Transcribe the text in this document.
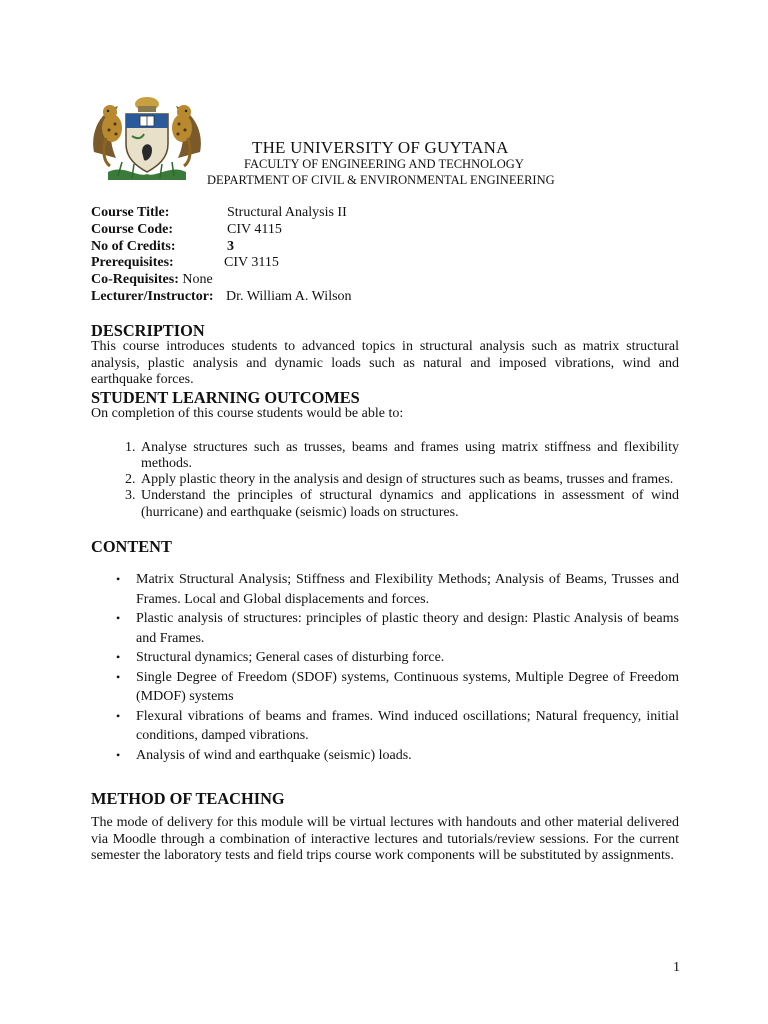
THE UNIVERSITY OF GUYTANA
FACULTY OF ENGINEERING AND TECHNOLOGY
DEPARTMENT OF CIVIL & ENVIRONMENTAL ENGINEERING
Course Title:	Structural Analysis II
Course Code:	CIV 4115
No of Credits:	3
Prerequisites:	CIV 3115
Co-Requisites: None
Lecturer/Instructor: Dr. William A. Wilson
DESCRIPTION

This course introduces students to advanced topics in structural analysis such as matrix structural analysis, plastic analysis and dynamic loads such as natural and imposed vibrations, wind and earthquake forces.

STUDENT LEARNING OUTCOMES

On completion of this course students would be able to:

1. Analyse structures such as trusses, beams and frames using matrix stiffness and flexibility methods.
2. Apply plastic theory in the analysis and design of structures such as beams, trusses and frames.
3. Understand the principles of structural dynamics and applications in assessment of wind (hurricane) and earthquake (seismic) loads on structures.
CONTENT
• Matrix Structural Analysis; Stiffness and Flexibility Methods; Analysis of Beams, Trusses and Frames. Local and Global displacements and forces.
• Plastic analysis of structures: principles of plastic theory and design: Plastic Analysis of beams and Frames.
• Structural dynamics; General cases of disturbing force.
• Single Degree of Freedom (SDOF) systems, Continuous systems, Multiple Degree of Freedom (MDOF) systems
• Flexural vibrations of beams and frames. Wind induced oscillations; Natural frequency, initial conditions, damped vibrations.
• Analysis of wind and earthquake (seismic) loads.
METHOD OF TEACHING

The mode of delivery for this module will be virtual lectures with handouts and other material delivered via Moodle through a combination of interactive lectures and tutorials/review sessions. For the current semester the laboratory tests and field trips course work components will be substituted by assignments.

1
